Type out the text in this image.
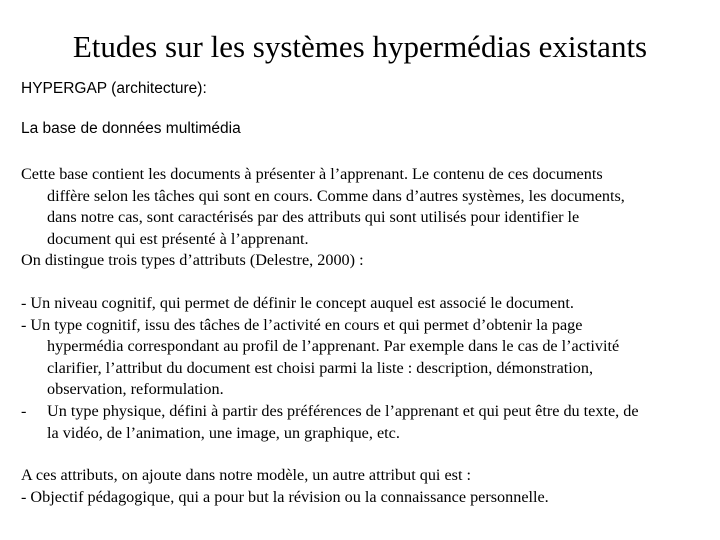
Etudes sur les systèmes hypermédias existants

HYPERGAP (architecture):

La base de données multimédia

Cette base contient les documents à présenter à l’apprenant. Le contenu de ces documents
diffère selon les tâches qui sont en cours. Comme dans d’autres systèmes, les documents,
dans notre cas, sont caractérisés par des attributs qui sont utilisés pour identifier le
document qui est présenté à l’apprenant.
On distingue trois types d’attributs (Delestre, 2000) :
- Un niveau cognitif, qui permet de définir le concept auquel est associé le document.
- Un type cognitif, issu des tâches de l’activité en cours et qui permet d’obtenir la page
hypermédia correspondant au profil de l’apprenant. Par exemple dans le cas de l’activité
clarifier, l’attribut du document est choisi parmi la liste : description, démonstration,
observation, reformulation.
- Un type physique, défini à partir des préférences de l’apprenant et qui peut être du texte, de
la vidéo, de l’animation, une image, un graphique, etc.
A ces attributs, on ajoute dans notre modèle, un autre attribut qui est :
- Objectif pédagogique, qui a pour but la révision ou la connaissance personnelle.
